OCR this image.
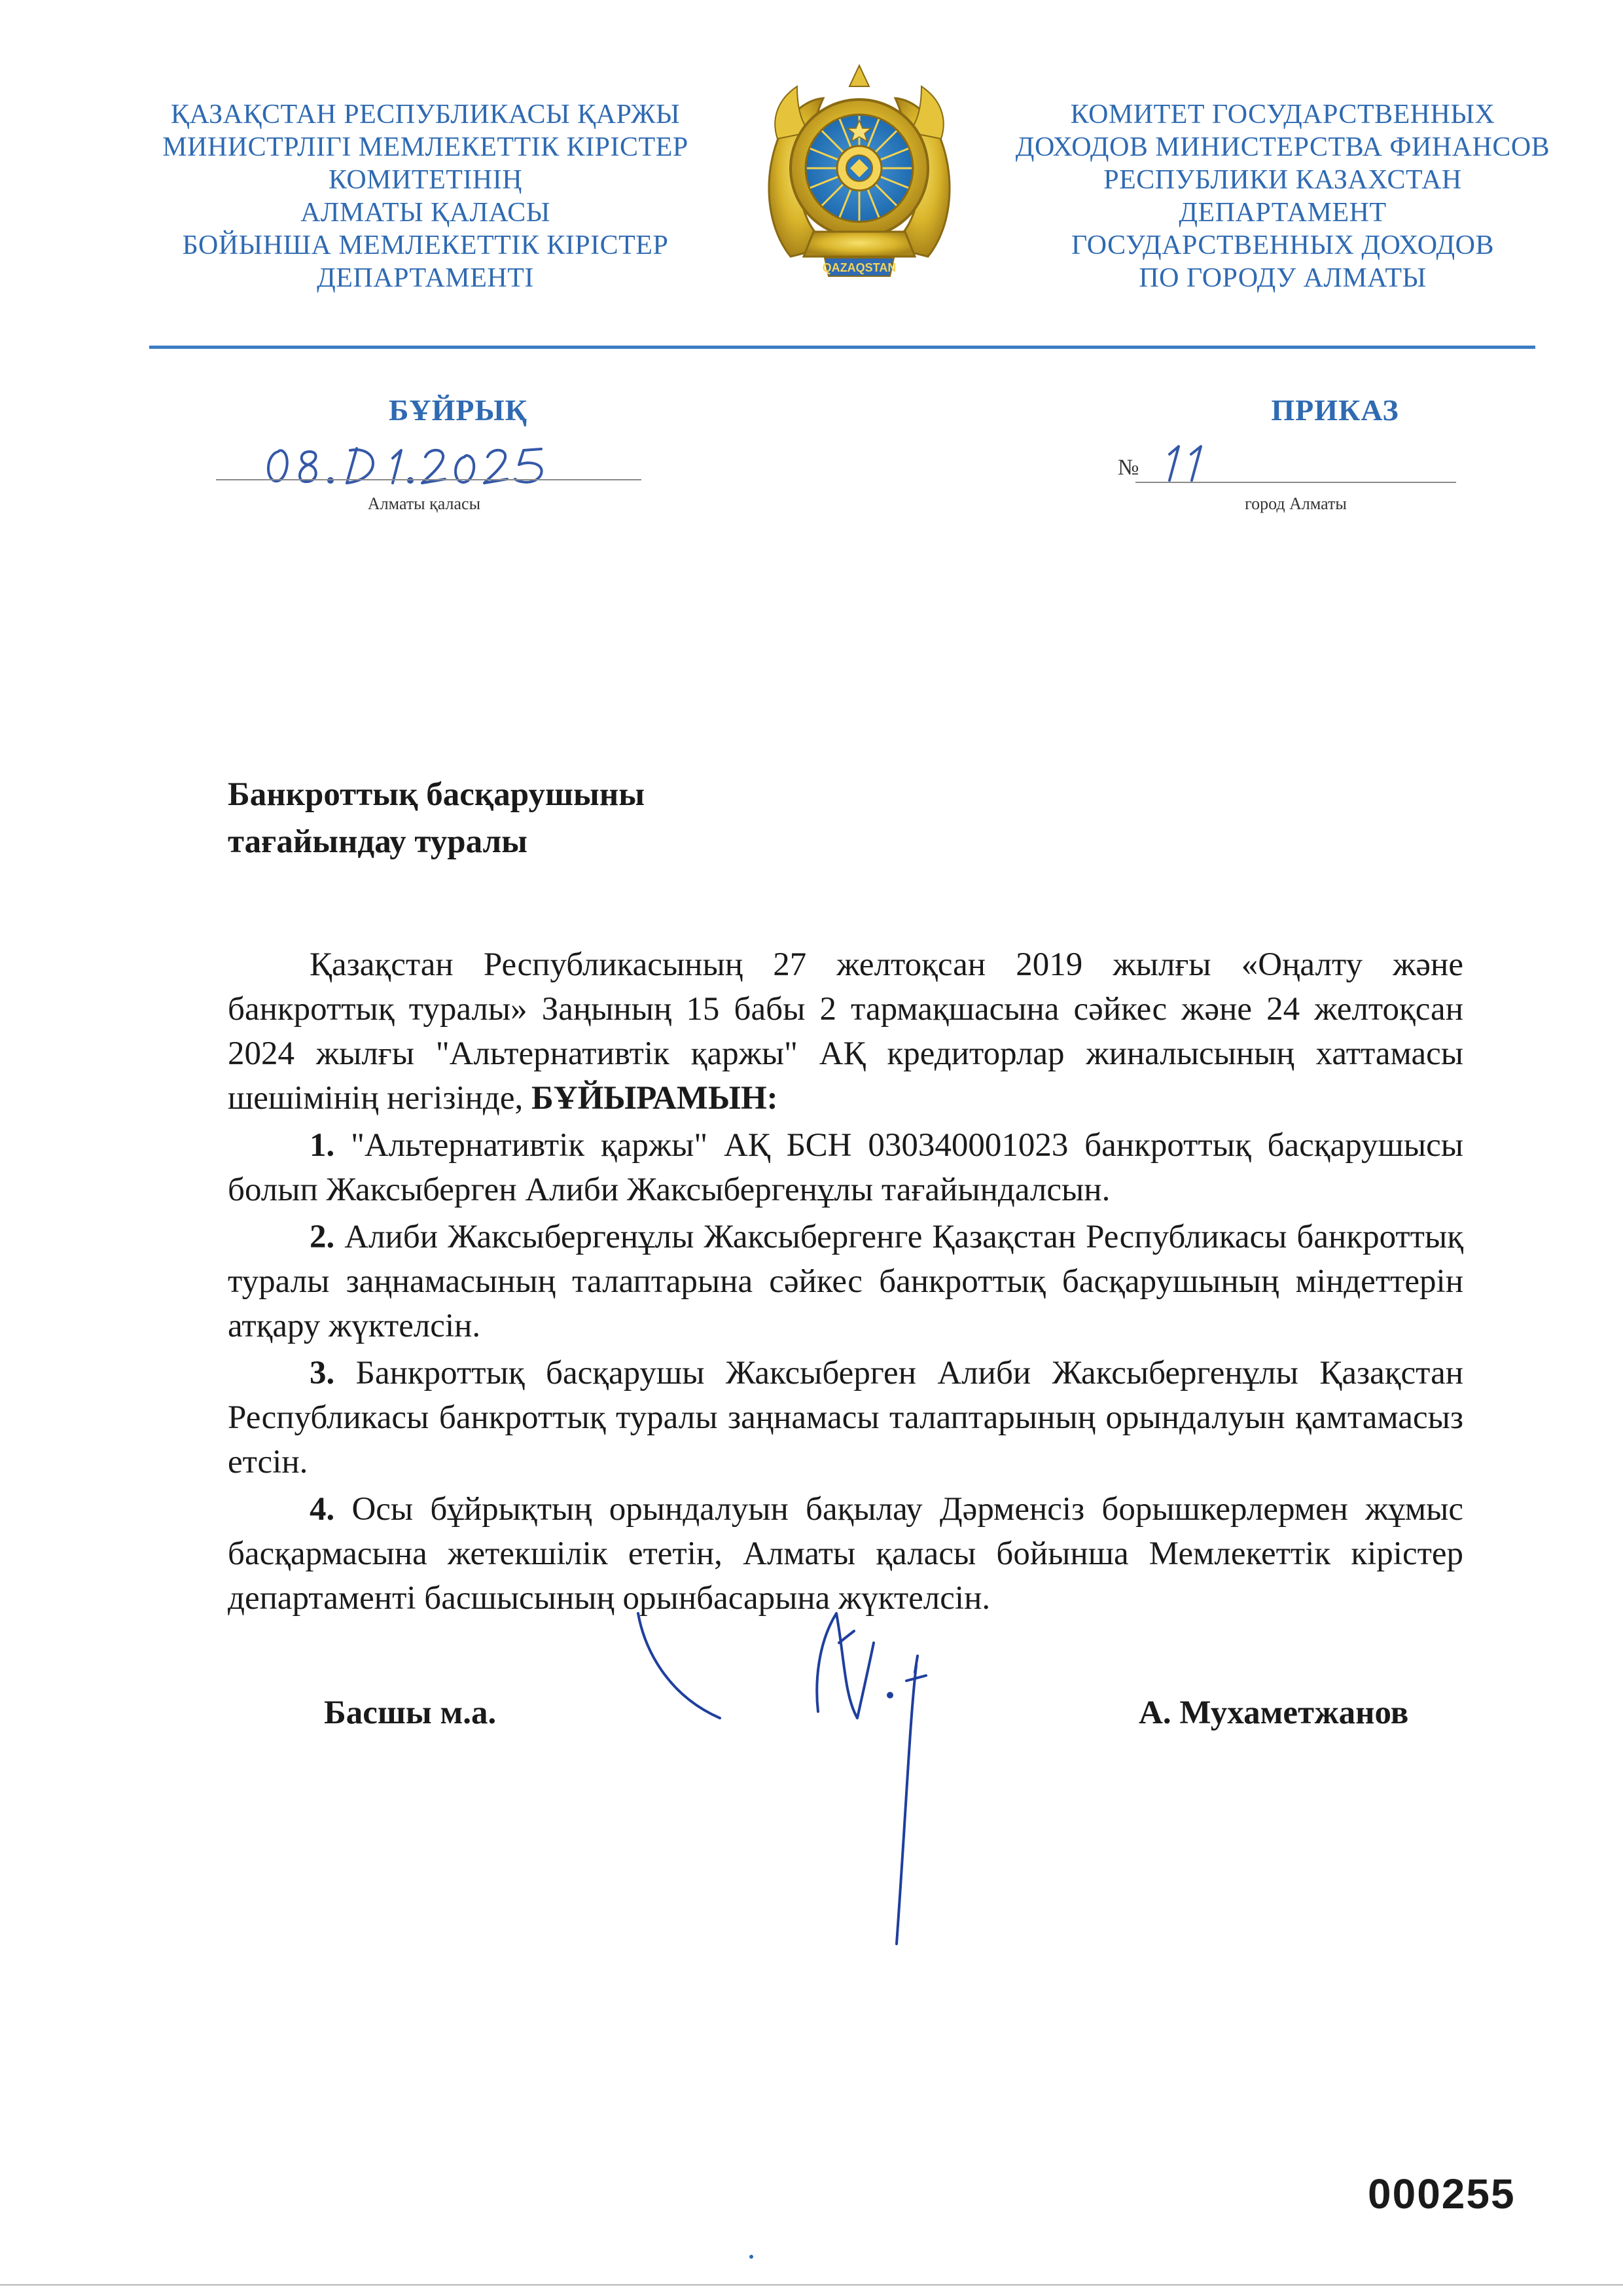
ҚАЗАҚСТАН РЕСПУБЛИКАСЫ ҚАРЖЫ
МИНИСТРЛІГІ МЕМЛЕКЕТТІК КІРІСТЕР
КОМИТЕТІНІҢ
АЛМАТЫ ҚАЛАСЫ
БОЙЫНША МЕМЛЕКЕТТІК КІРІСТЕР
ДЕПАРТАМЕНТІ	QAZAQSTAN
КОМИТЕТ ГОСУДАРСТВЕННЫХ
ДОХОДОВ МИНИСТЕРСТВА ФИНАНСОВ
РЕСПУБЛИКИ КАЗАХСТАН
ДЕПАРТАМЕНТ
ГОСУДАРСТВЕННЫХ ДОХОДОВ
ПО ГОРОДУ АЛМАТЫ
БҰЙРЫҚ	ПРИКАЗ
№
Алматы қаласы	город Алматы
Банкроттық басқарушыны
тағайындау туралы

Қазақстан Республикасының 27 желтоқсан 2019 жылғы «Оңалту және банкроттық туралы» Заңының 15 бабы 2 тармақшасына сәйкес және 24 желтоқсан 2024 жылғы "Альтернативтік қаржы" АҚ кредиторлар жиналысының хаттамасы шешімінің негізінде, БҰЙЫРАМЫН:

1. "Альтернативтік қаржы" АҚ БСН 030340001023 банкроттық басқарушысы болып Жаксыберген Алиби Жаксыбергенұлы тағайындалсын.

2. Алиби Жаксыбергенұлы Жаксыбергенге Қазақстан Республикасы банкроттық туралы заңнамасының талаптарына сәйкес банкроттық басқарушының міндеттерін атқару жүктелсін.

3. Банкроттық басқарушы Жаксыберген Алиби Жаксыбергенұлы Қазақстан Республикасы банкроттық туралы заңнамасы талаптарының орындалуын қамтамасыз етсін.

4. Осы бұйрықтың орындалуын бақылау Дәрменсіз борышкерлермен жұмыс басқармасына жетекшілік ететін, Алматы қаласы бойынша Мемлекеттік кірістер департаменті басшысының орынбасарына жүктелсін.

Басшы м.а.	А. Мухаметжанов
000255
